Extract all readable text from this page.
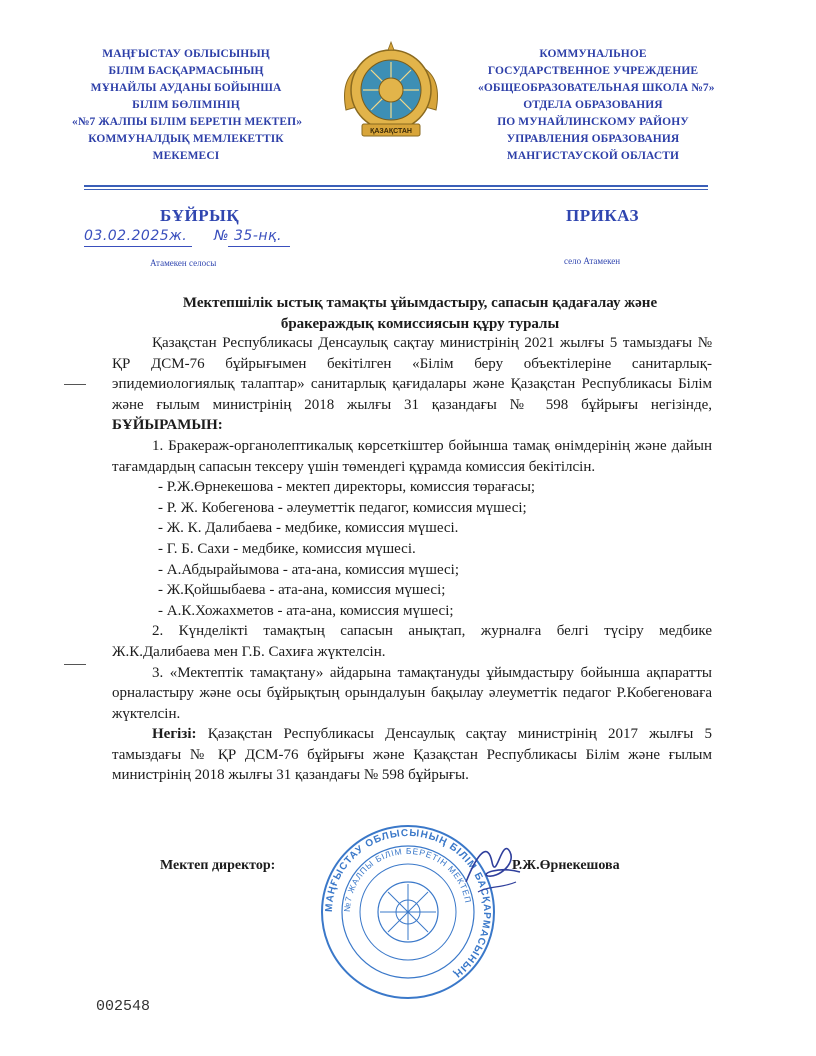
МАҢҒЫСТАУ ОБЛЫСЫНЫҢ
БІЛІМ БАСҚАРМАСЫНЫҢ
МҰНАЙЛЫ АУДАНЫ БОЙЫНША
БІЛІМ БӨЛІМІНІҢ
«№7 ЖАЛПЫ БІЛІМ БЕРЕТІН МЕКТЕП»
КОММУНАЛДЫҚ МЕМЛЕКЕТТІК
МЕКЕМЕСІ
ҚАЗАҚСТАН
КОММУНАЛЬНОЕ
ГОСУДАРСТВЕННОЕ УЧРЕЖДЕНИЕ
«ОБЩЕОБРАЗОВАТЕЛЬНАЯ ШКОЛА №7»
ОТДЕЛА ОБРАЗОВАНИЯ
ПО МУНАЙЛИНСКОМУ РАЙОНУ
УПРАВЛЕНИЯ ОБРАЗОВАНИЯ
МАНГИСТАУСКОЙ ОБЛАСТИ
БҰЙРЫҚ	ПРИКАЗ
03.02.2025ж. № 35-нқ.
Атамекен селосы	село Атамекен
Мектепшілік ыстық тамақты ұйымдастыру, сапасын қадағалау және
бракераждық комиссиясын құру туралы

Қазақстан Республикасы Денсаулық сақтау министрінің 2021 жылғы 5 тамыздағы № ҚР ДСМ-76 бұйрығымен бекітілген «Білім беру объектілеріне санитарлық-эпидемиологиялық талаптар» санитарлық қағидалары және Қазақстан Республикасы Білім және ғылым министрінің 2018 жылғы 31 қазандағы № 598 бұйрығы негізінде, БҰЙЫРАМЫН:

1. Бракераж-органолептикалық көрсеткіштер бойынша тамақ өнімдерінің және дайын тағамдардың сапасын тексеру үшін төмендегі құрамда комиссия бекітілсін.

- Р.Ж.Өрнекешова - мектеп директоры, комиссия төрағасы;

- Р. Ж. Кобегенова - әлеуметтік педагог, комиссия мүшесі;

- Ж. К. Далибаева - медбике, комиссия мүшесі.

- Г. Б. Сахи - медбике, комиссия мүшесі.

- А.Абдырайымова - ата-ана, комиссия мүшесі;

- Ж.Қойшыбаева - ата-ана, комиссия мүшесі;

- А.К.Хожахметов - ата-ана, комиссия мүшесі;

2. Күнделікті тамақтың сапасын анықтап, журналға белгі түсіру медбике Ж.К.Далибаева мен Г.Б. Сахиға жүктелсін.

3. «Мектептік тамақтану» айдарына тамақтануды ұйымдастыру бойынша ақпаратты орналастыру және осы бұйрықтың орындалуын бақылау әлеуметтік педагог Р.Кобегеноваға жүктелсін.

Негізі: Қазақстан Республикасы Денсаулық сақтау министрінің 2017 жылғы 5 тамыздағы № ҚР ДСМ-76 бұйрығы және Қазақстан Республикасы Білім және ғылым министрінің 2018 жылғы 31 қазандағы № 598 бұйрығы.

МАҢҒЫСТАУ ОБЛЫСЫНЫҢ БІЛІМ БАСҚАРМАСЫНЫҢ
№7 ЖАЛПЫ БІЛІМ БЕРЕТІН МЕКТЕП
Мектеп директор:	Р.Ж.Өрнекешова
002548
